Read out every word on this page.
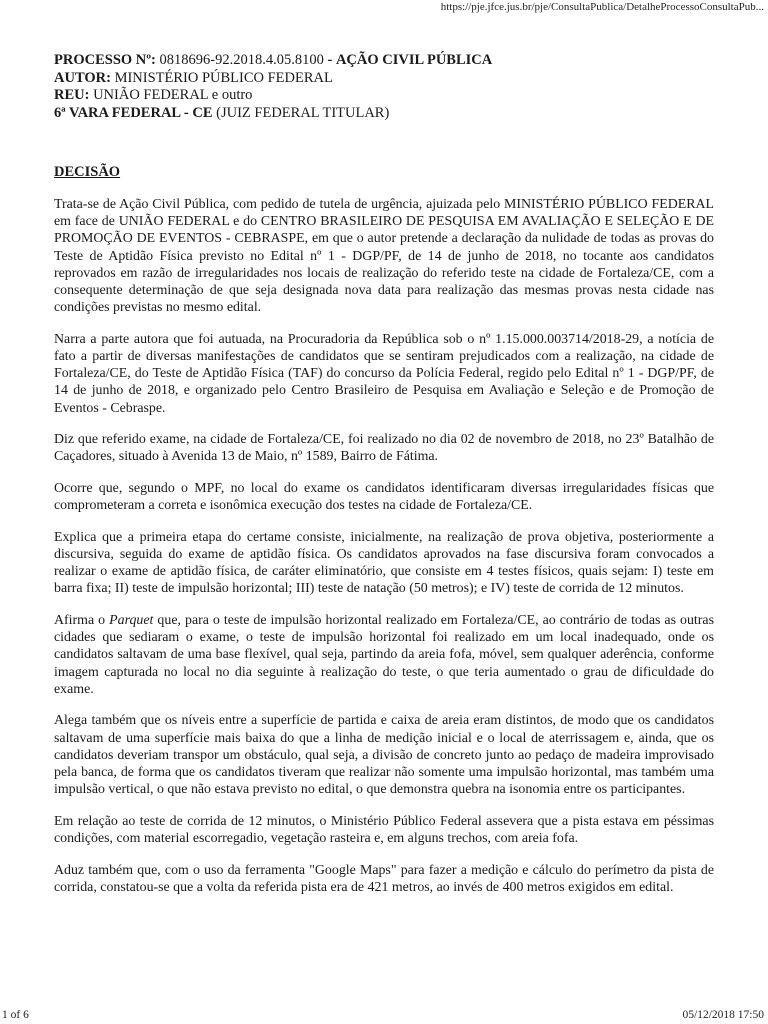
https://pje.jfce.jus.br/pje/ConsultaPublica/DetalheProcessoConsultaPub...
PROCESSO Nº: 0818696-92.2018.4.05.8100 - AÇÃO CIVIL PÚBLICA
AUTOR: MINISTÉRIO PÚBLICO FEDERAL
REU: UNIÃO FEDERAL e outro
6ª VARA FEDERAL - CE (JUIZ FEDERAL TITULAR)
DECISÃO

Trata-se de Ação Civil Pública, com pedido de tutela de urgência, ajuizada pelo MINISTÉRIO PÚBLICO FEDERAL em face de UNIÃO FEDERAL e do CENTRO BRASILEIRO DE PESQUISA EM AVALIAÇÃO E SELEÇÃO E DE PROMOÇÃO DE EVENTOS - CEBRASPE, em que o autor pretende a declaração da nulidade de todas as provas do Teste de Aptidão Física previsto no Edital nº 1 - DGP/PF, de 14 de junho de 2018, no tocante aos candidatos reprovados em razão de irregularidades nos locais de realização do referido teste na cidade de Fortaleza/CE, com a consequente determinação de que seja designada nova data para realização das mesmas provas nesta cidade nas condições previstas no mesmo edital.

Narra a parte autora que foi autuada, na Procuradoria da República sob o nº 1.15.000.003714/2018-29, a notícia de fato a partir de diversas manifestações de candidatos que se sentiram prejudicados com a realização, na cidade de Fortaleza/CE, do Teste de Aptidão Física (TAF) do concurso da Polícia Federal, regido pelo Edital nº 1 - DGP/PF, de 14 de junho de 2018, e organizado pelo Centro Brasileiro de Pesquisa em Avaliação e Seleção e de Promoção de Eventos - Cebraspe.

Diz que referido exame, na cidade de Fortaleza/CE, foi realizado no dia 02 de novembro de 2018, no 23º Batalhão de Caçadores, situado à Avenida 13 de Maio, nº 1589, Bairro de Fátima.

Ocorre que, segundo o MPF, no local do exame os candidatos identificaram diversas irregularidades físicas que comprometeram a correta e isonômica execução dos testes na cidade de Fortaleza/CE.

Explica que a primeira etapa do certame consiste, inicialmente, na realização de prova objetiva, posteriormente a discursiva, seguida do exame de aptidão física. Os candidatos aprovados na fase discursiva foram convocados a realizar o exame de aptidão física, de caráter eliminatório, que consiste em 4 testes físicos, quais sejam: I) teste em barra fixa; II) teste de impulsão horizontal; III) teste de natação (50 metros); e IV) teste de corrida de 12 minutos.

Afirma o Parquet que, para o teste de impulsão horizontal realizado em Fortaleza/CE, ao contrário de todas as outras cidades que sediaram o exame, o teste de impulsão horizontal foi realizado em um local inadequado, onde os candidatos saltavam de uma base flexível, qual seja, partindo da areia fofa, móvel, sem qualquer aderência, conforme imagem capturada no local no dia seguinte à realização do teste, o que teria aumentado o grau de dificuldade do exame.

Alega também que os níveis entre a superfície de partida e caixa de areia eram distintos, de modo que os candidatos saltavam de uma superfície mais baixa do que a linha de medição inicial e o local de aterrissagem e, ainda, que os candidatos deveriam transpor um obstáculo, qual seja, a divisão de concreto junto ao pedaço de madeira improvisado pela banca, de forma que os candidatos tiveram que realizar não somente uma impulsão horizontal, mas também uma impulsão vertical, o que não estava previsto no edital, o que demonstra quebra na isonomia entre os participantes.

Em relação ao teste de corrida de 12 minutos, o Ministério Público Federal assevera que a pista estava em péssimas condições, com material escorregadio, vegetação rasteira e, em alguns trechos, com areia fofa.

Aduz também que, com o uso da ferramenta "Google Maps" para fazer a medição e cálculo do perímetro da pista de corrida, constatou-se que a volta da referida pista era de 421 metros, ao invés de 400 metros exigidos em edital.

1 of 6	05/12/2018 17:50
